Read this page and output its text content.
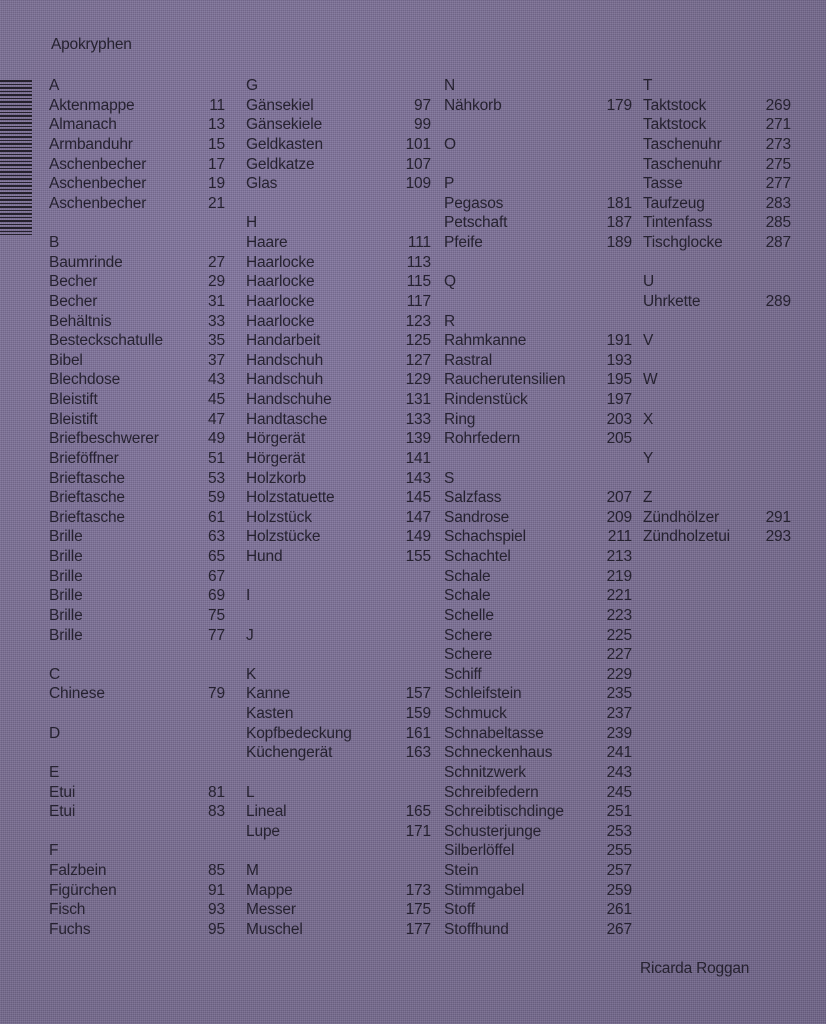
Apokryphen
A
Aktenmappe	11
Almanach	13
Armbanduhr	15
Aschenbecher	17
Aschenbecher	19
Aschenbecher	21
B
Baumrinde	27
Becher	29
Becher	31
Behältnis	33
Besteckschatulle	35
Bibel	37
Blechdose	43
Bleistift	45
Bleistift	47
Briefbeschwerer	49
Brieföffner	51
Brieftasche	53
Brieftasche	59
Brieftasche	61
Brille	63
Brille	65
Brille	67
Brille	69
Brille	75
Brille	77
C
Chinese	79
D
E
Etui	81
Etui	83
F
Falzbein	85
Figürchen	91
Fisch	93
Fuchs	95
G
Gänsekiel	97
Gänsekiele	99
Geldkasten	101
Geldkatze	107
Glas	109
H
Haare	111
Haarlocke	113
Haarlocke	115
Haarlocke	117
Haarlocke	123
Handarbeit	125
Handschuh	127
Handschuh	129
Handschuhe	131
Handtasche	133
Hörgerät	139
Hörgerät	141
Holzkorb	143
Holzstatuette	145
Holzstück	147
Holzstücke	149
Hund	155
I
J
K
Kanne	157
Kasten	159
Kopfbedeckung	161
Küchengerät	163
L
Lineal	165
Lupe	171
M
Mappe	173
Messer	175
Muschel	177
N
Nähkorb	179
O
P
Pegasos	181
Petschaft	187
Pfeife	189
Q
R
Rahmkanne	191
Rastral	193
Raucherutensilien	195
Rindenstück	197
Ring	203
Rohrfedern	205
S
Salzfass	207
Sandrose	209
Schachspiel	211
Schachtel	213
Schale	219
Schale	221
Schelle	223
Schere	225
Schere	227
Schiff	229
Schleifstein	235
Schmuck	237
Schnabeltasse	239
Schneckenhaus	241
Schnitzwerk	243
Schreibfedern	245
Schreibtischdinge	251
Schusterjunge	253
Silberlöffel	255
Stein	257
Stimmgabel	259
Stoff	261
Stoffhund	267
T
Taktstock	269
Taktstock	271
Taschenuhr	273
Taschenuhr	275
Tasse	277
Taufzeug	283
Tintenfass	285
Tischglocke	287
U
Uhrkette	289
V
W
X
Y
Z
Zündhölzer	291
Zündholzetui 293
Ricarda Roggan
